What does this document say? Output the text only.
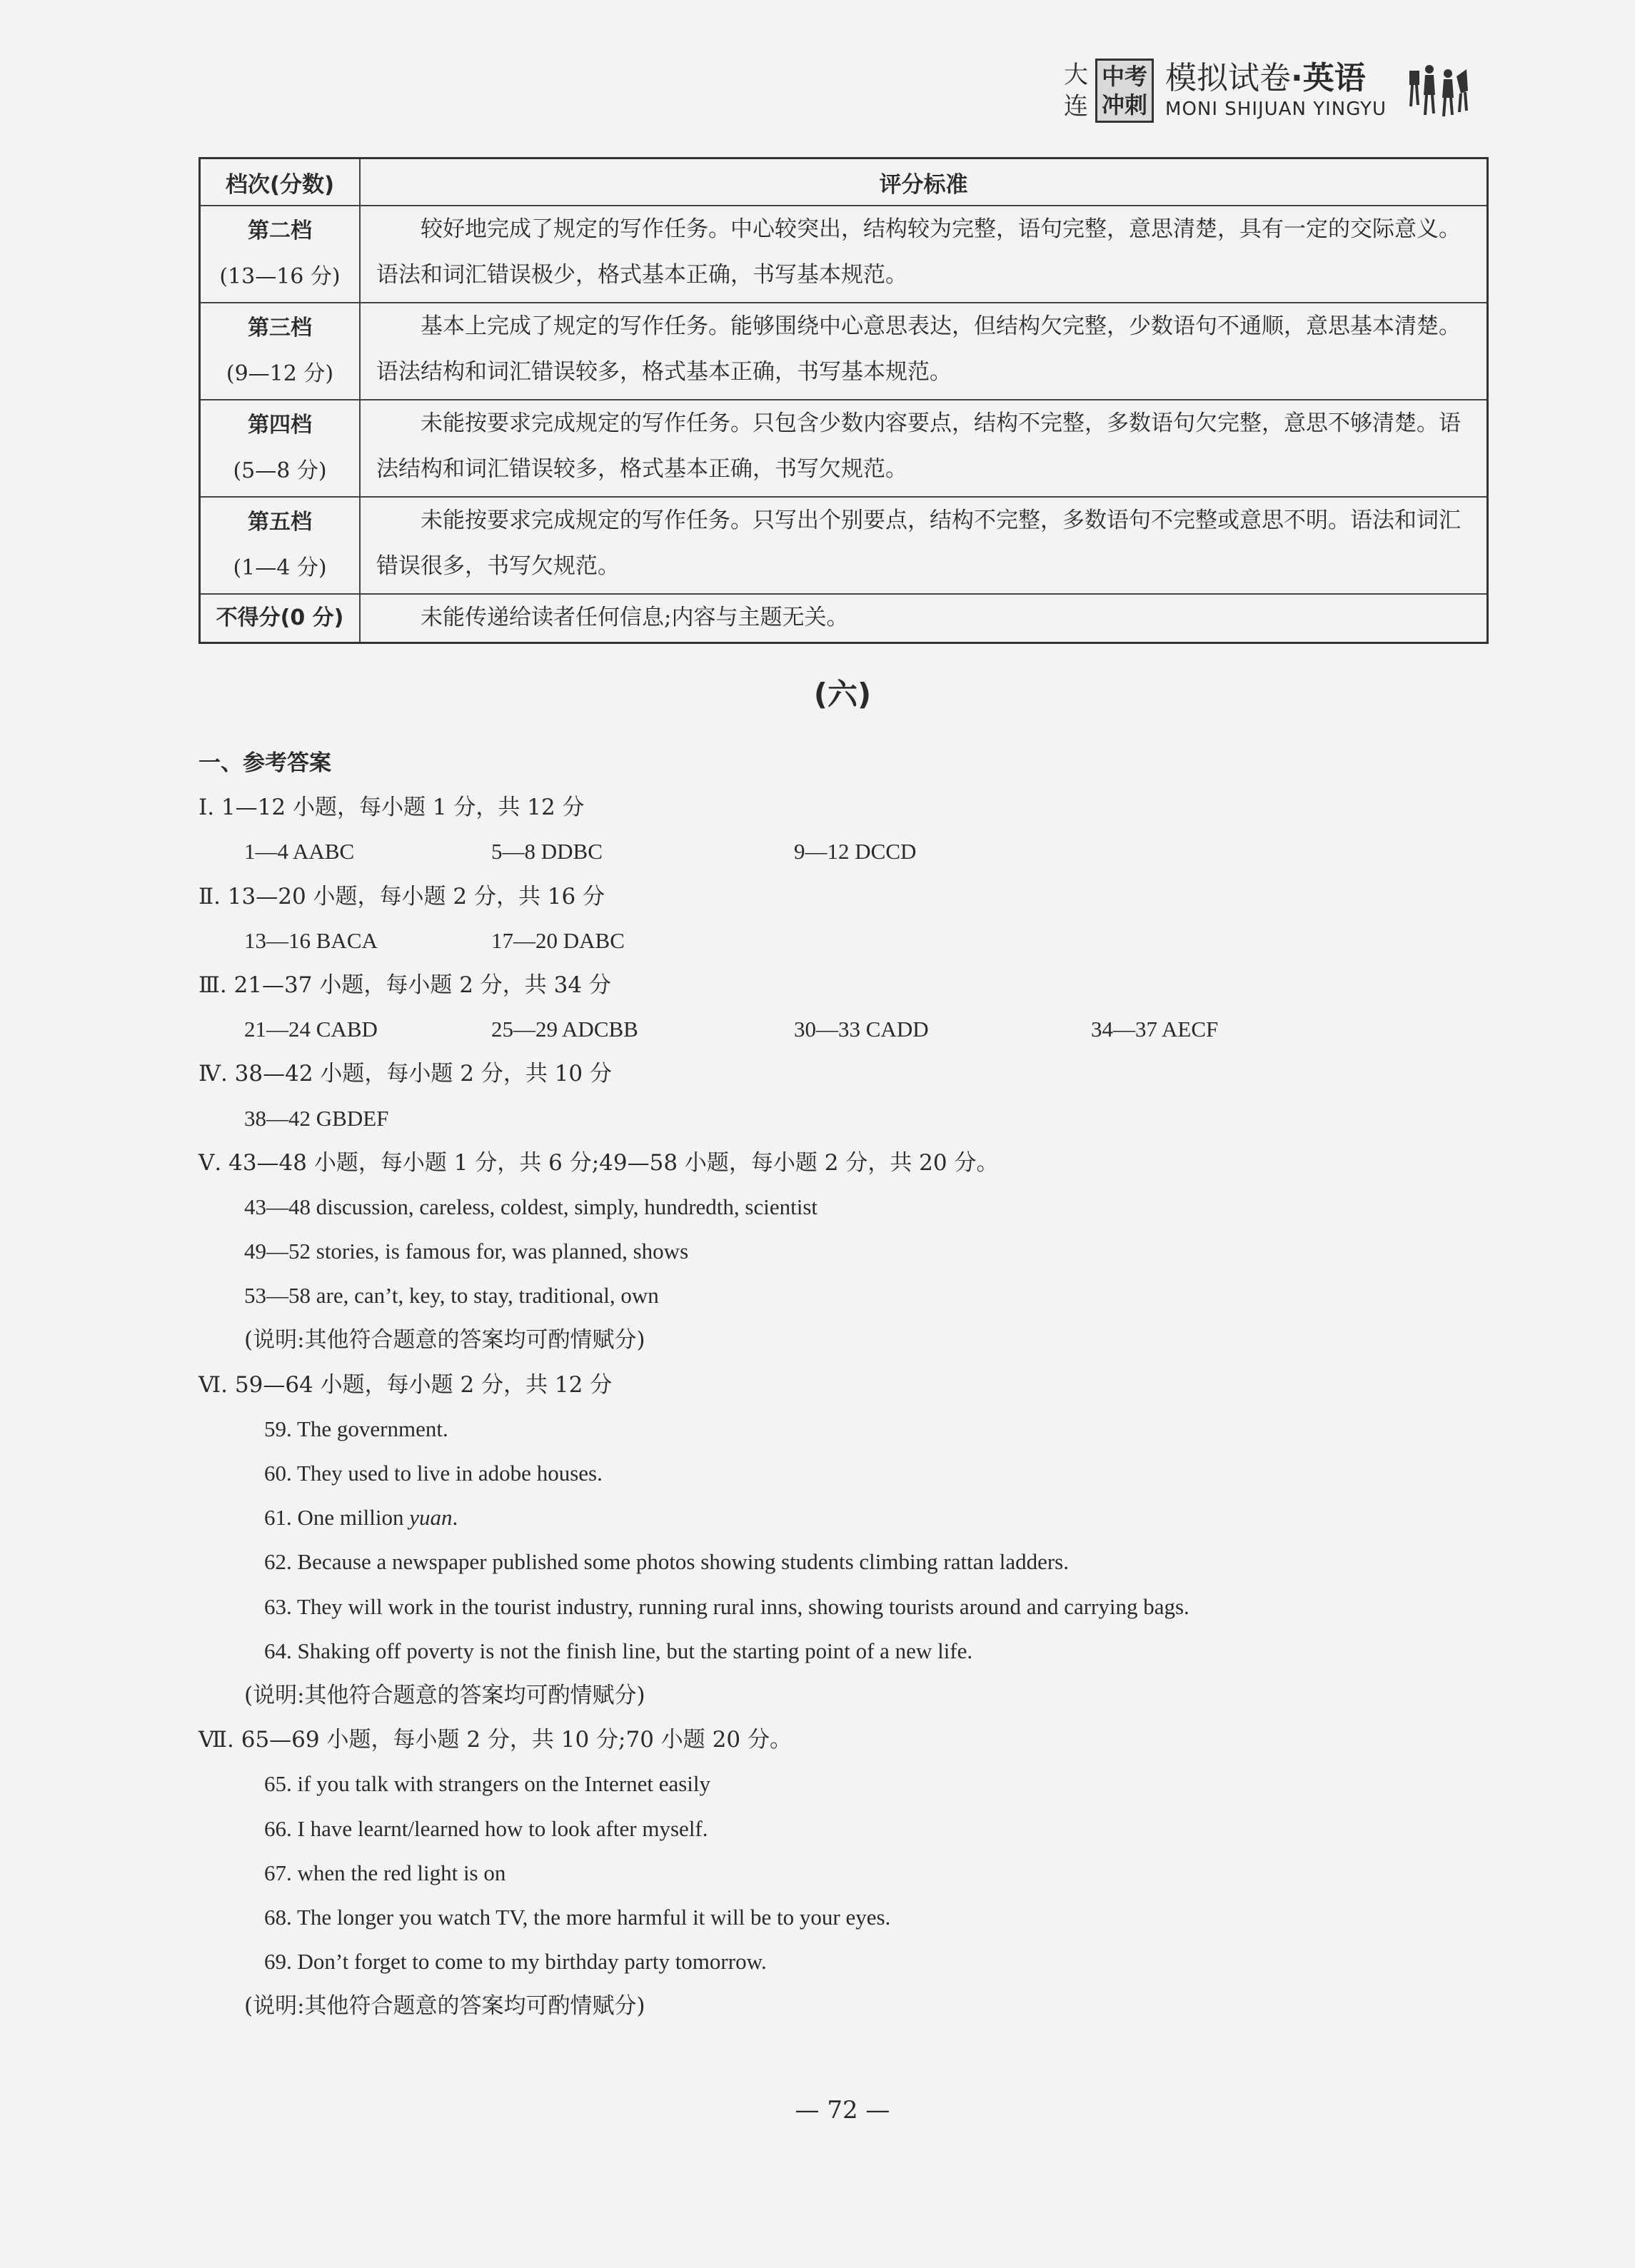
大
连
中考
冲刺
模拟试卷·英语
MONI SHIJUAN YINGYU
档次(分数)	评分标准

第二档
(13—16 分)	较好地完成了规定的写作任务。中心较突出，结构较为完整，语句完整，意思清楚，具有一定的交际意义。语法和词汇错误极少，格式基本正确，书写基本规范。

第三档
(9—12 分)	基本上完成了规定的写作任务。能够围绕中心意思表达，但结构欠完整，少数语句不通顺，意思基本清楚。语法结构和词汇错误较多，格式基本正确，书写基本规范。

第四档
(5—8 分)	未能按要求完成规定的写作任务。只包含少数内容要点，结构不完整，多数语句欠完整，意思不够清楚。语法结构和词汇错误较多，格式基本正确，书写欠规范。

第五档
(1—4 分)	未能按要求完成规定的写作任务。只写出个别要点，结构不完整，多数语句不完整或意思不明。语法和词汇错误很多，书写欠规范。

不得分(0 分)	未能传递给读者任何信息;内容与主题无关。
(六)
一、参考答案
Ⅰ. 1—12 小题，每小题 1 分，共 12 分
1—4 AABC	5—8 DDBC	9—12 DCCD
Ⅱ. 13—20 小题，每小题 2 分，共 16 分
13—16 BACA	17—20 DABC
Ⅲ. 21—37 小题，每小题 2 分，共 34 分
21—24 CABD	25—29 ADCBB	30—33 CADD	34—37 AECF
Ⅳ. 38—42 小题，每小题 2 分，共 10 分
38—42 GBDEF
Ⅴ. 43—48 小题，每小题 1 分，共 6 分;49—58 小题，每小题 2 分，共 20 分。
43—48 discussion, careless, coldest, simply, hundredth, scientist
49—52 stories, is famous for, was planned, shows
53—58 are, can’t, key, to stay, traditional, own
(说明:其他符合题意的答案均可酌情赋分)
Ⅵ. 59—64 小题，每小题 2 分，共 12 分
59. The government.
60. They used to live in adobe houses.
61. One million yuan.
62. Because a newspaper published some photos showing students climbing rattan ladders.
63. They will work in the tourist industry, running rural inns, showing tourists around and carrying bags.
64. Shaking off poverty is not the finish line, but the starting point of a new life.
(说明:其他符合题意的答案均可酌情赋分)
Ⅶ. 65—69 小题，每小题 2 分，共 10 分;70 小题 20 分。
65. if you talk with strangers on the Internet easily
66. I have learnt/learned how to look after myself.
67. when the red light is on
68. The longer you watch TV, the more harmful it will be to your eyes.
69. Don’t forget to come to my birthday party tomorrow.
(说明:其他符合题意的答案均可酌情赋分)
— 72 —
